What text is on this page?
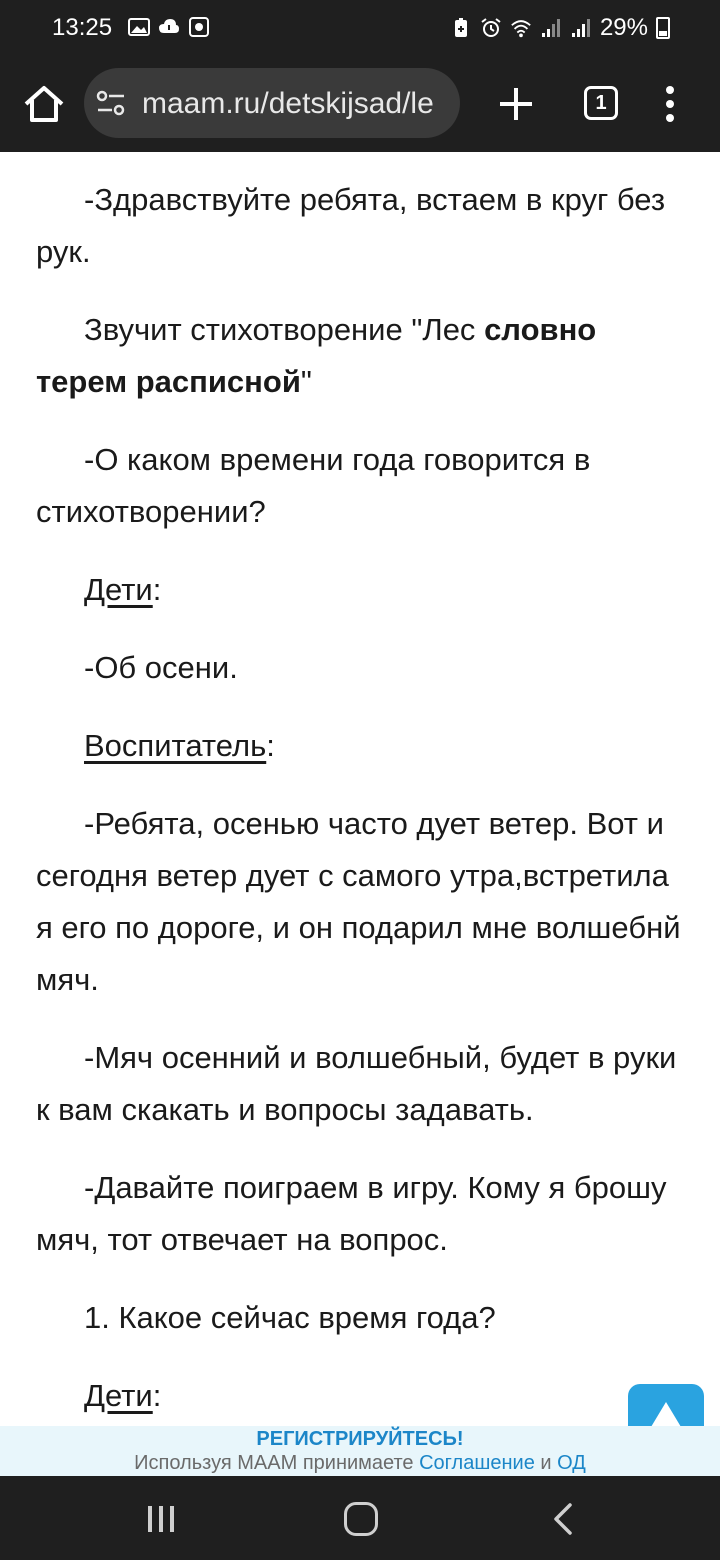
13:25	29%
maam.ru/detskijsad/le	1

-Здравствуйте ребята, встаем в круг без рук.

Звучит стихотворение "Лес словно терем расписной"

-О каком времени года говорится в стихотворении?

Дети:

-Об осени.

Воспитатель:

-Ребята, осенью часто дует ветер. Вот и сегодня ветер дует с самого утра,встретила я его по дороге, и он подарил мне волшебнй мяч.

-Мяч осенний и волшебный, будет в руки к вам скакать и вопросы задавать.

-Давайте поиграем в игру. Кому я брошу мяч, тот отвечает на вопрос.

1. Какое сейчас время года?

Дети:

РЕГИСТРИРУЙТЕСЬ!
Используя МААМ принимаете Соглашение и ОД
